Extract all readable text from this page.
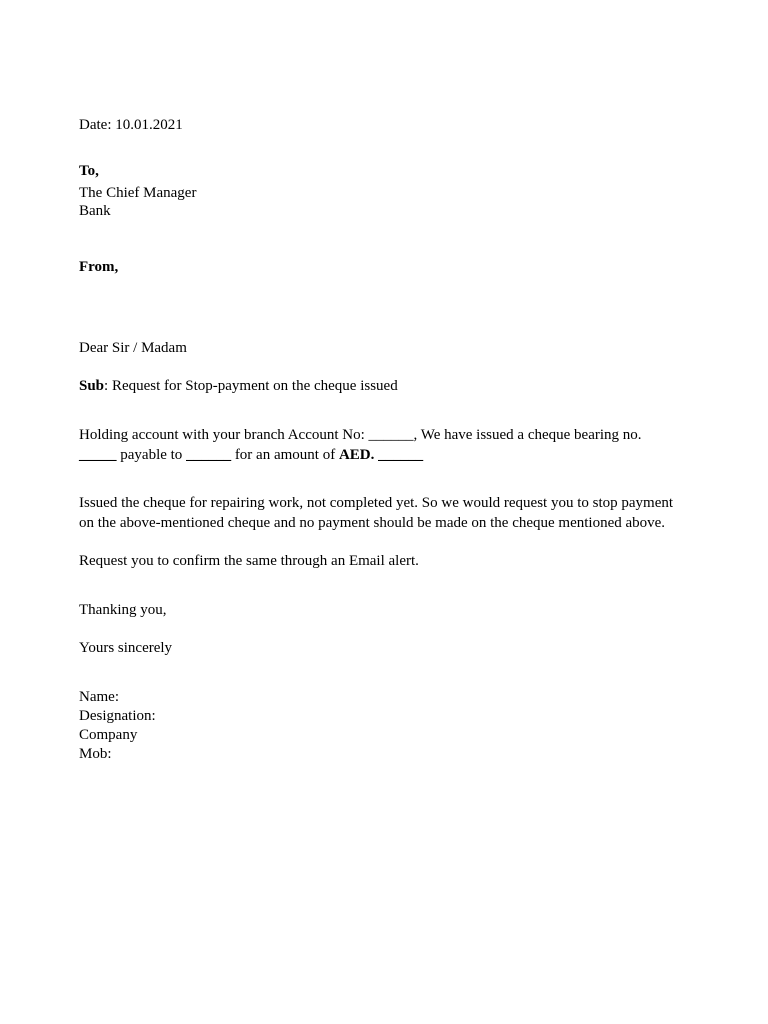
Date: 10.01.2021
To,
The Chief Manager
Bank
From,
Dear Sir / Madam
Sub: Request for Stop-payment on the cheque issued
Holding account with your branch Account No: ______, We have issued a cheque bearing no.
_____ payable to ______ for an amount of AED. ______
Issued the cheque for repairing work, not completed yet. So we would request you to stop payment
on the above-mentioned cheque and no payment should be made on the cheque mentioned above.
Request you to confirm the same through an Email alert.
Thanking you,
Yours sincerely
Name:
Designation:
Company
Mob:
